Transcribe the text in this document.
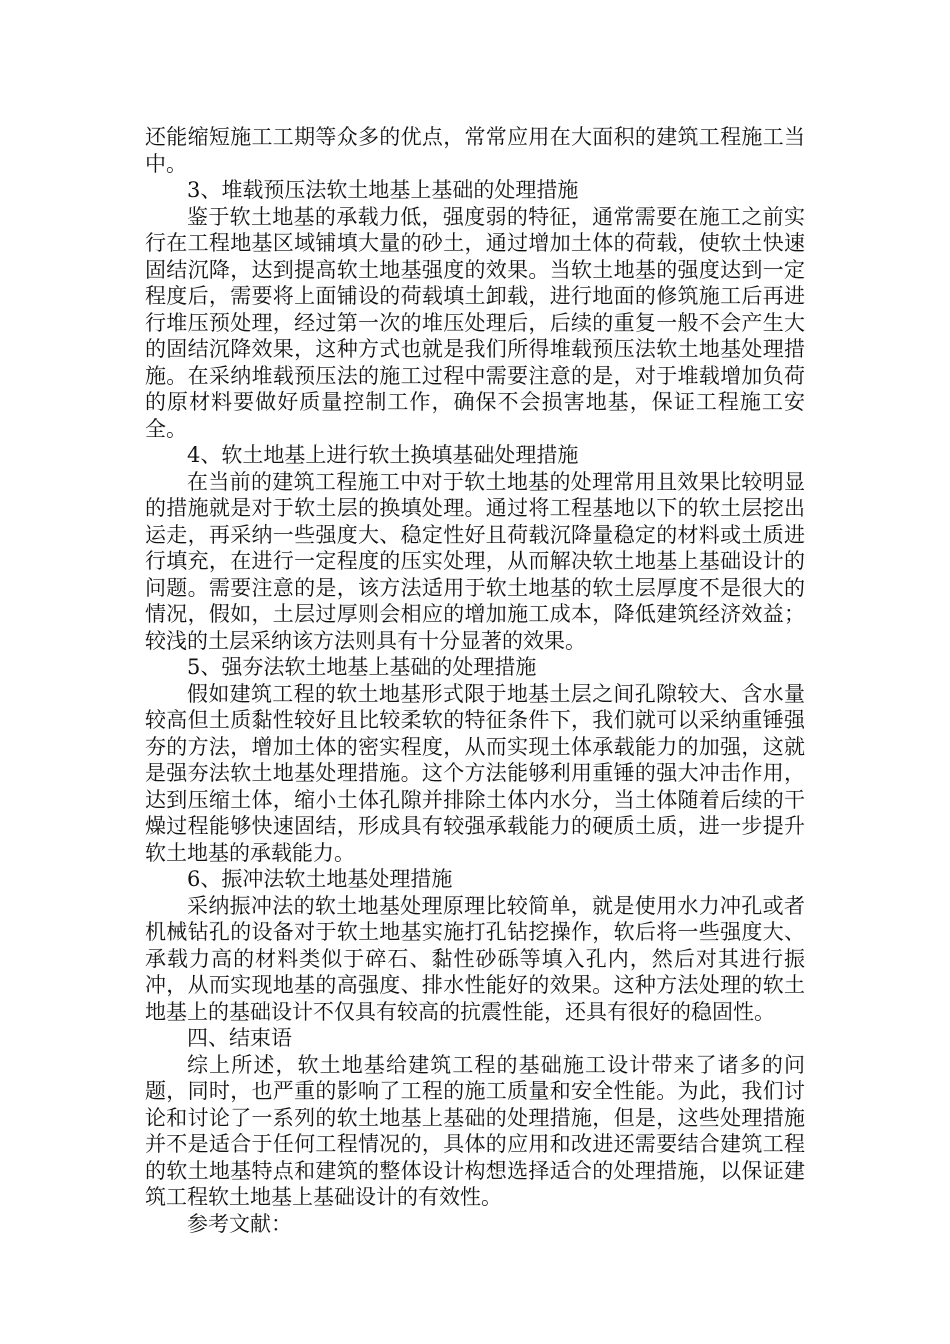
还能缩短施工工期等众多的优点，常常应用在大面积的建筑工程施工当中。

3、堆载预压法软土地基上基础的处理措施

鉴于软土地基的承载力低，强度弱的特征，通常需要在施工之前实行在工程地基区域铺填大量的砂土，通过增加土体的荷载，使软土快速固结沉降，达到提高软土地基强度的效果。当软土地基的强度达到一定程度后，需要将上面铺设的荷载填土卸载，进行地面的修筑施工后再进行堆压预处理，经过第一次的堆压处理后，后续的重复一般不会产生大的固结沉降效果，这种方式也就是我们所得堆载预压法软土地基处理措施。在采纳堆载预压法的施工过程中需要注意的是，对于堆载增加负荷的原材料要做好质量控制工作，确保不会损害地基，保证工程施工安全。

4、软土地基上进行软土换填基础处理措施

在当前的建筑工程施工中对于软土地基的处理常用且效果比较明显的措施就是对于软土层的换填处理。通过将工程基地以下的软土层挖出运走，再采纳一些强度大、稳定性好且荷载沉降量稳定的材料或土质进行填充，在进行一定程度的压实处理，从而解决软土地基上基础设计的问题。需要注意的是，该方法适用于软土地基的软土层厚度不是很大的情况，假如，土层过厚则会相应的增加施工成本，降低建筑经济效益；较浅的土层采纳该方法则具有十分显著的效果。

5、强夯法软土地基上基础的处理措施

假如建筑工程的软土地基形式限于地基土层之间孔隙较大、含水量较高但土质黏性较好且比较柔软的特征条件下，我们就可以采纳重锤强夯的方法，增加土体的密实程度，从而实现土体承载能力的加强，这就是强夯法软土地基处理措施。这个方法能够利用重锤的强大冲击作用，达到压缩土体，缩小土体孔隙并排除土体内水分，当土体随着后续的干燥过程能够快速固结，形成具有较强承载能力的硬质土质，进一步提升软土地基的承载能力。

6、振冲法软土地基处理措施

采纳振冲法的软土地基处理原理比较简单，就是使用水力冲孔或者机械钻孔的设备对于软土地基实施打孔钻挖操作，软后将一些强度大、承载力高的材料类似于碎石、黏性砂砾等填入孔内，然后对其进行振冲，从而实现地基的高强度、排水性能好的效果。这种方法处理的软土地基上的基础设计不仅具有较高的抗震性能，还具有很好的稳固性。

四、结束语

综上所述，软土地基给建筑工程的基础施工设计带来了诸多的问题，同时，也严重的影响了工程的施工质量和安全性能。为此，我们讨论和讨论了一系列的软土地基上基础的处理措施，但是，这些处理措施并不是适合于任何工程情况的，具体的应用和改进还需要结合建筑工程的软土地基特点和建筑的整体设计构想选择适合的处理措施，以保证建筑工程软土地基上基础设计的有效性。

参考文献：
